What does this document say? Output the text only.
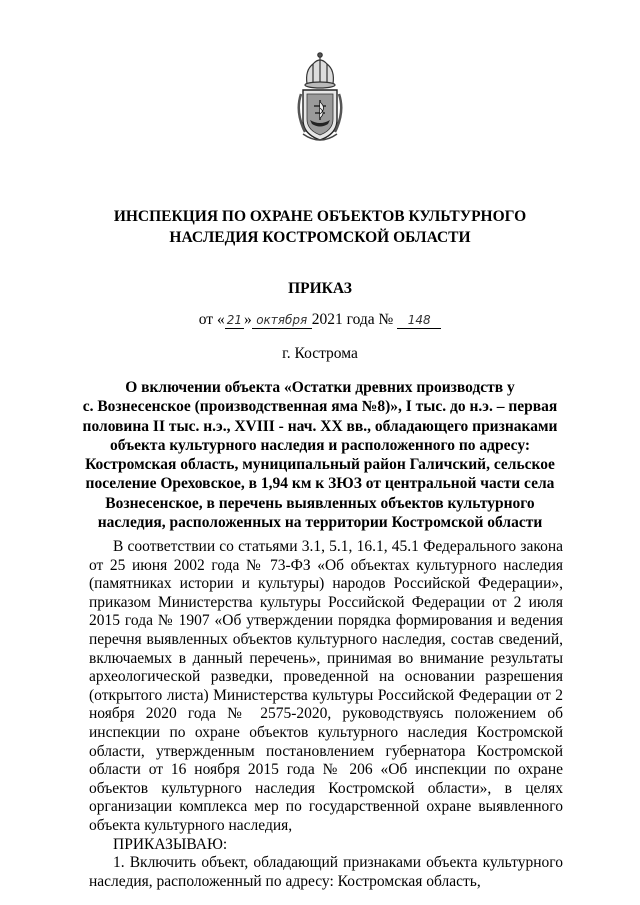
ИНСПЕКЦИЯ ПО ОХРАНЕ ОБЪЕКТОВ КУЛЬТУРНОГО
НАСЛЕДИЯ КОСТРОМСКОЙ ОБЛАСТИ
ПРИКАЗ
от « 21 » октября 2021 года № 148
г. Кострома
О включении объекта «Остатки древних производств у
с. Вознесенское (производственная яма №8)», I тыс. до н.э. – первая
половина II тыс. н.э., XVIII - нач. XX вв., обладающего признаками
объекта культурного наследия и расположенного по адресу:
Костромская область, муниципальный район Галичский, сельское
поселение Ореховское, в 1,94 км к ЗЮЗ от центральной части села
Вознесенское, в перечень выявленных объектов культурного
наследия, расположенных на территории Костромской области

В соответствии со статьями 3.1, 5.1, 16.1, 45.1 Федерального закона от 25 июня 2002 года № 73-ФЗ «Об объектах культурного наследия (памятниках истории и культуры) народов Российской Федерации», приказом Министерства культуры Российской Федерации от 2 июля 2015 года № 1907 «Об утверждении порядка формирования и ведения перечня выявленных объектов культурного наследия, состав сведений, включаемых в данный перечень», принимая во внимание результаты археологической разведки, проведенной на основании разрешения (открытого листа) Министерства культуры Российской Федерации от 2 ноября 2020 года № 2575-2020, руководствуясь положением об инспекции по охране объектов культурного наследия Костромской области, утвержденным постановлением губернатора Костромской области от 16 ноября 2015 года № 206 «Об инспекции по охране объектов культурного наследия Костромской области», в целях организации комплекса мер по государственной охране выявленного объекта культурного наследия,

ПРИКАЗЫВАЮ:

1. Включить объект, обладающий признаками объекта культурного наследия, расположенный по адресу: Костромская область,
